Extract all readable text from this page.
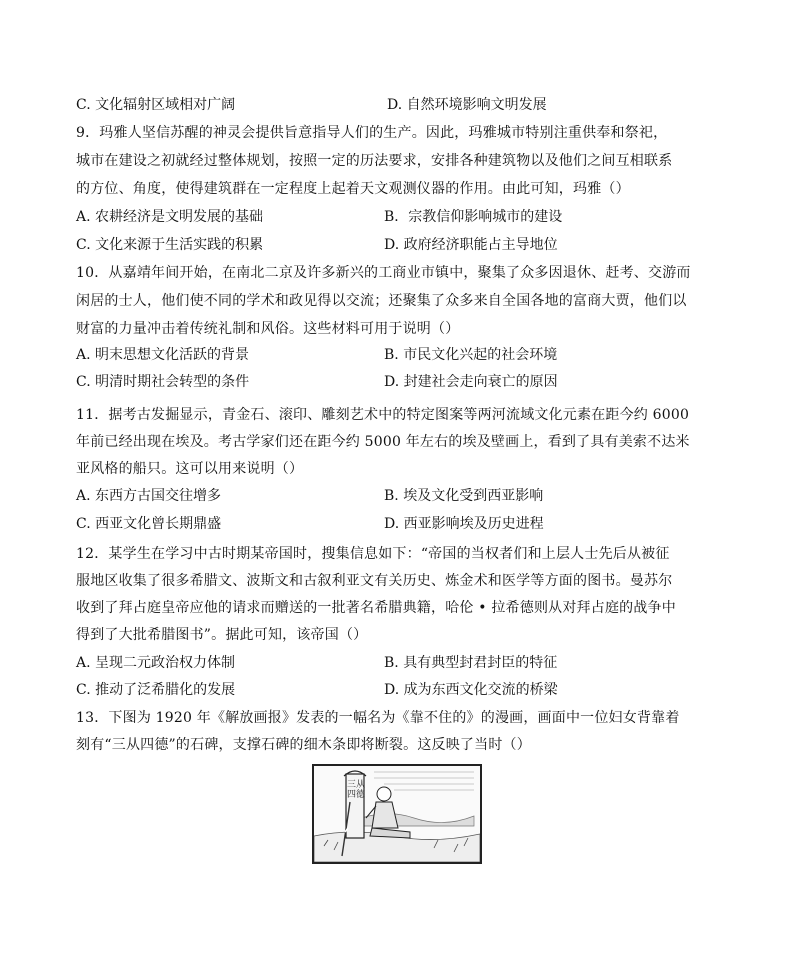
C. 文化辐射区域相对广阔	D. 自然环境影响文明发展
9．玛雅人坚信苏醒的神灵会提供旨意指导人们的生产。因此，玛雅城市特别注重供奉和祭祀，
城市在建设之初就经过整体规划，按照一定的历法要求，安排各种建筑物以及他们之间互相联系
的方位、角度，使得建筑群在一定程度上起着天文观测仪器的作用。由此可知，玛雅（）
A. 农耕经济是文明发展的基础	B．宗教信仰影响城市的建设
C. 文化来源于生活实践的积累	D. 政府经济职能占主导地位
10．从嘉靖年间开始，在南北二京及许多新兴的工商业市镇中，聚集了众多因退休、赶考、交游而
闲居的士人，他们使不同的学术和政见得以交流；还聚集了众多来自全国各地的富商大贾，他们以
财富的力量冲击着传统礼制和风俗。这些材料可用于说明（）
A. 明末思想文化活跃的背景	B. 市民文化兴起的社会环境
C. 明清时期社会转型的条件	D. 封建社会走向衰亡的原因
11．据考古发掘显示，青金石、滚印、雕刻艺术中的特定图案等两河流域文化元素在距今约 6000
年前已经出现在埃及。考古学家们还在距今约 5000 年左右的埃及壁画上，看到了具有美索不达米
亚风格的船只。这可以用来说明（）
A. 东西方古国交往增多	B. 埃及文化受到西亚影响
C. 西亚文化曾长期鼎盛	D. 西亚影响埃及历史进程
12．某学生在学习中古时期某帝国时，搜集信息如下：“帝国的当权者们和上层人士先后从被征
服地区收集了很多希腊文、波斯文和古叙利亚文有关历史、炼金术和医学等方面的图书。曼苏尔
收到了拜占庭皇帝应他的请求而赠送的一批著名希腊典籍，哈伦 • 拉希德则从对拜占庭的战争中
得到了大批希腊图书”。据此可知，该帝国（）
A. 呈现二元政治权力体制	B. 具有典型封君封臣的特征
C. 推动了泛希腊化的发展	D. 成为东西文化交流的桥梁
13．下图为 1920 年《解放画报》发表的一幅名为《靠不住的》的漫画，画面中一位妇女背靠着
刻有“三从四德”的石碑，支撑石碑的细木条即将断裂。这反映了当时（）
三从四德
